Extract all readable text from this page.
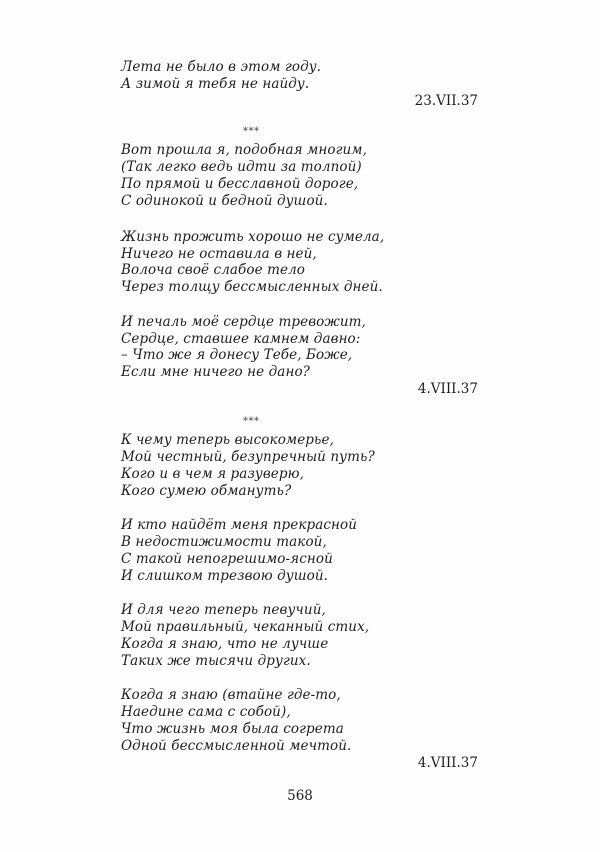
Лета не было в этом году.
А зимой я тебя не найду.
23.VII.37
***
Вот прошла я, подобная многим,
(Так легко ведь идти за толпой)
По прямой и бесславной дороге,
С одинокой и бедной душой.
Жизнь прожить хорошо не сумела,
Ничего не оставила в ней,
Волоча своё слабое тело
Через толщу бессмысленных дней.
И печаль моё сердце тревожит,
Сердце, ставшее камнем давно:
– Что же я донесу Тебе, Боже,
Если мне ничего не дано?
4.VIII.37
***
К чему теперь высокомерье,
Мой честный, безупречный путь?
Кого и в чем я разуверю,
Кого сумею обмануть?
И кто найдёт меня прекрасной
В недостижимости такой,
С такой непогрешимо-ясной
И слишком трезвою душой.
И для чего теперь певучий,
Мой правильный, чеканный стих,
Когда я знаю, что не лучше
Таких же тысячи других.
Когда я знаю (втайне где-то,
Наедине сама с собой),
Что жизнь моя была согрета
Одной бессмысленной мечтой.
4.VIII.37
568
